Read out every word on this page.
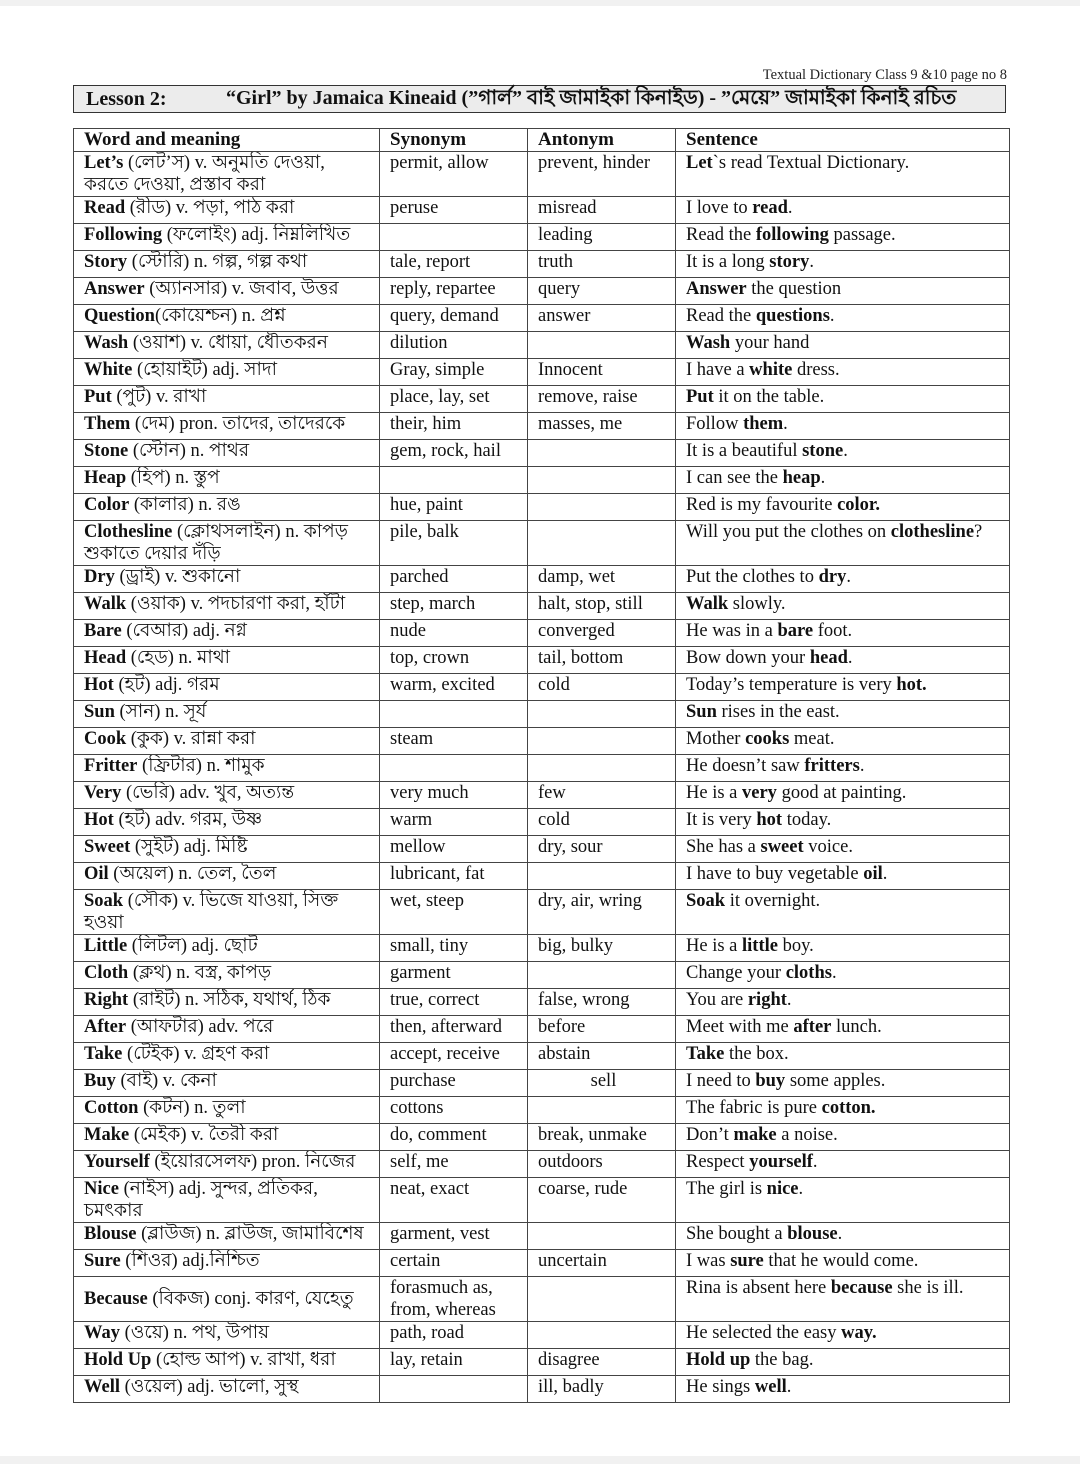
Textual Dictionary Class 9 &10 page no 8
Lesson 2:	“Girl” by Jamaica Kineaid (”গার্ল” বাই জামাইকা কিনাইড) - ”মেয়ে” জামাইকা কিনাই রচিত
Word and meaning	Synonym	Antonym	Sentence
Let’s (লেট’স) v. অনুমতি দেওয়া, করতে দেওয়া, প্রস্তাব করা	permit, allow	prevent, hinder	Let`s read Textual Dictionary.
Read (রীড) v. পড়া, পাঠ করা	peruse	misread	I love to read.
Following (ফলোইং) adj. নিম্নলিখিত		leading	Read the following passage.
Story (স্টোরি) n. গল্প, গল্প কথা	tale, report	truth	It is a long story.
Answer (অ্যানসার) v. জবাব, উত্তর	reply, repartee	query	Answer the question
Question(কোয়েশ্চন) n. প্রশ্ন	query, demand	answer	Read the questions.
Wash (ওয়াশ) v. ধোয়া, ধৌতকরন	dilution		Wash your hand
White (হোয়াইট) adj. সাদা	Gray, simple	Innocent	I have a white dress.
Put (পুট) v. রাখা	place, lay, set	remove, raise	Put it on the table.
Them (দেম) pron. তাদের, তাদেরকে	their, him	masses, me	Follow them.
Stone (স্টোন) n. পাথর	gem, rock, hail		It is a beautiful stone.
Heap (হিপ) n. স্তুপ			I can see the heap.
Color (কালার) n. রঙ	hue, paint		Red is my favourite color.
Clothesline (ক্লোথসলাইন) n. কাপড় শুকাতে দেয়ার দঁড়ি	pile, balk		Will you put the clothes on clothesline?
Dry (ড্রাই) v. শুকানো	parched	damp, wet	Put the clothes to dry.
Walk (ওয়াক) v. পদচারণা করা, হাঁটা	step, march	halt, stop, still	Walk slowly.
Bare (বেআর) adj. নগ্ন	nude	converged	He was in a bare foot.
Head (হেড) n. মাথা	top, crown	tail, bottom	Bow down your head.
Hot (হট) adj. গরম	warm, excited	cold	Today’s temperature is very hot.
Sun (সান) n. সূর্য			Sun rises in the east.
Cook (কুক) v. রান্না করা	steam		Mother cooks meat.
Fritter (ফ্রিটার) n. শামুক			He doesn’t saw fritters.
Very (ভেরি) adv. খুব, অত্যন্ত	very much	few	He is a very good at painting.
Hot (হট) adv. গরম, উষ্ণ	warm	cold	It is very hot today.
Sweet (সুইট) adj. মিষ্টি	mellow	dry, sour	She has a sweet voice.
Oil (অয়েল) n. তেল, তৈল	lubricant, fat		I have to buy vegetable oil.
Soak (সৌক) v. ভিজে যাওয়া, সিক্ত হওয়া	wet, steep	dry, air, wring	Soak it overnight.
Little (লিটল) adj. ছোট	small, tiny	big, bulky	He is a little boy.
Cloth (ক্লথ) n. বস্ত্র, কাপড়	garment		Change your cloths.
Right (রাইট) n. সঠিক, যথার্থ, ঠিক	true, correct	false, wrong	You are right.
After (আফটার) adv. পরে	then, afterward	before	Meet with me after lunch.
Take (টেইক) v. গ্রহণ করা	accept, receive	abstain	Take the box.
Buy (বাই) v. কেনা	purchase	sell	I need to buy some apples.
Cotton (কটন) n. তুলা	cottons		The fabric is pure cotton.
Make (মেইক) v. তৈরী করা	do, comment	break, unmake	Don’t make a noise.
Yourself (ইয়োরসেলফ) pron. নিজের	self, me	outdoors	Respect yourself.
Nice (নাইস) adj. সুন্দর, প্রতিকর, চমৎকার	neat, exact	coarse, rude	The girl is nice.
Blouse (ব্লাউজ) n. ব্লাউজ, জামাবিশেষ	garment, vest		She bought a blouse.
Sure (শিওর) adj.নিশ্চিত	certain	uncertain	I was sure that he would come.
Because (বিকজ) conj. কারণ, যেহেতু	forasmuch as, from, whereas		Rina is absent here because she is ill.
Way (ওয়ে) n. পথ, উপায়	path, road		He selected the easy way.
Hold Up (হোল্ড আপ) v. রাখা, ধরা	lay, retain	disagree	Hold up the bag.
Well (ওয়েল) adj. ভালো, সুস্থ		ill, badly	He sings well.
